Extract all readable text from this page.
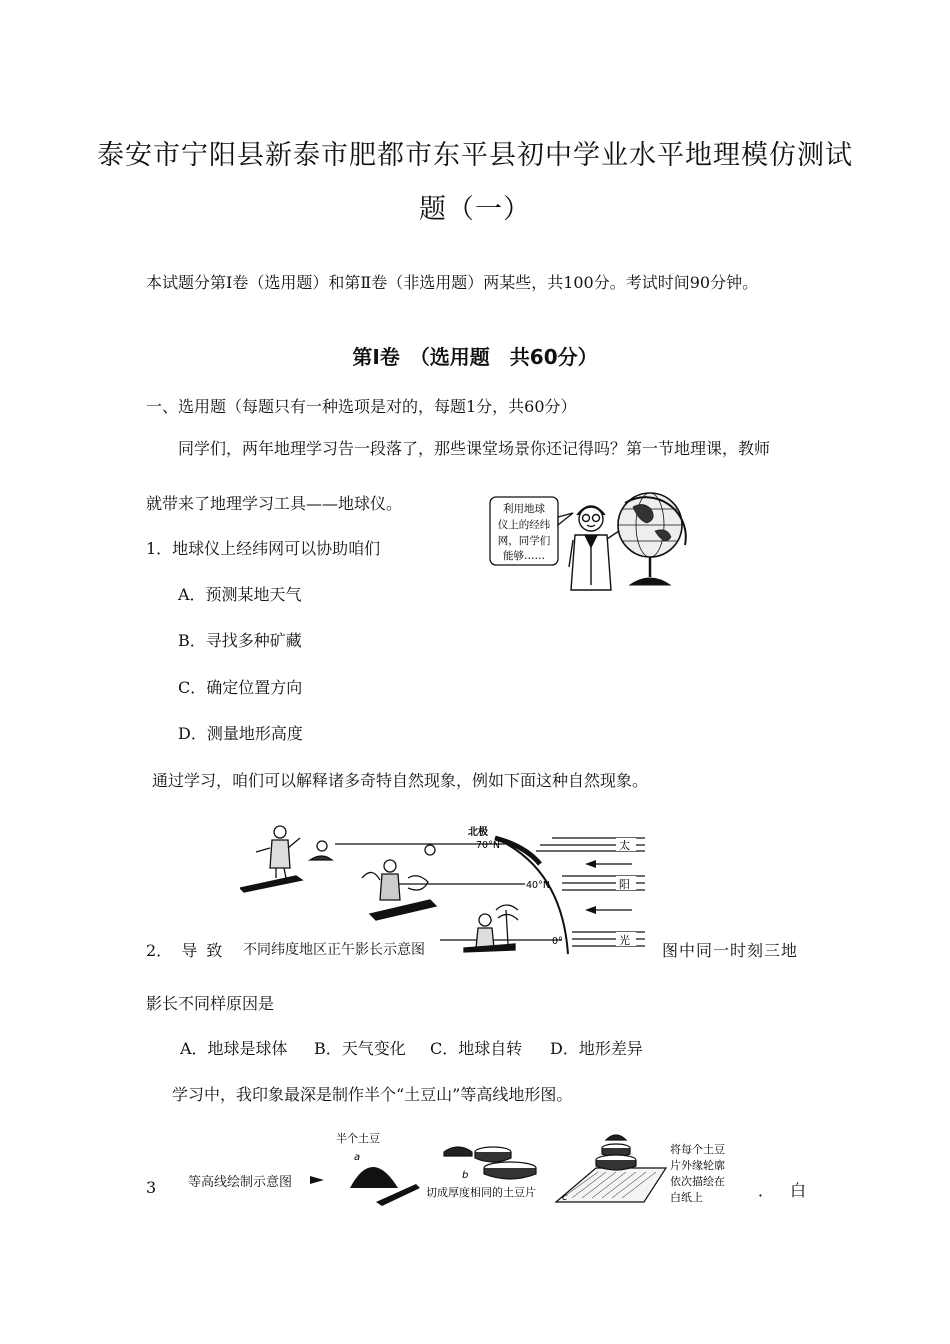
泰安市宁阳县新泰市肥都市东平县初中学业水平地理模仿测试
题（一）
本试题分第Ⅰ卷（选用题）和第Ⅱ卷（非选用题）两某些，共100分。考试时间90分钟。
第Ⅰ卷　（选用题　共60分）
一、选用题（每题只有一种选项是对的，每题1分，共60分）
同学们，两年地理学习告一段落了，那些课堂场景你还记得吗？第一节地理课，教师
就带来了地理学习工具——地球仪。
1．地球仪上经纬网可以协助咱们
A．预测某地天气
B．寻找多种矿藏
C．确定位置方向
D．测量地形高度
利用地球
仪上的经纬
网，同学们
能够……
通过学习，咱们可以解释诸多奇特自然现象，例如下面这种自然现象。
北极
70°N
40°N
0°
太
阳
光
2． 导 致 不同纬度地区正午影长示意图	图中同一时刻三地
影长不同样原因是
A．地球是球体 B．天气变化 C．地球自转 D．地形差异
学习中，我印象最深是制作半个“土豆山”等高线地形图。
等高线绘制示意图
半个土豆
a
b
切成厚度相同的土豆片	c
将每个土豆
片外缘轮廓
依次描绘在
白纸上
3	． 白
